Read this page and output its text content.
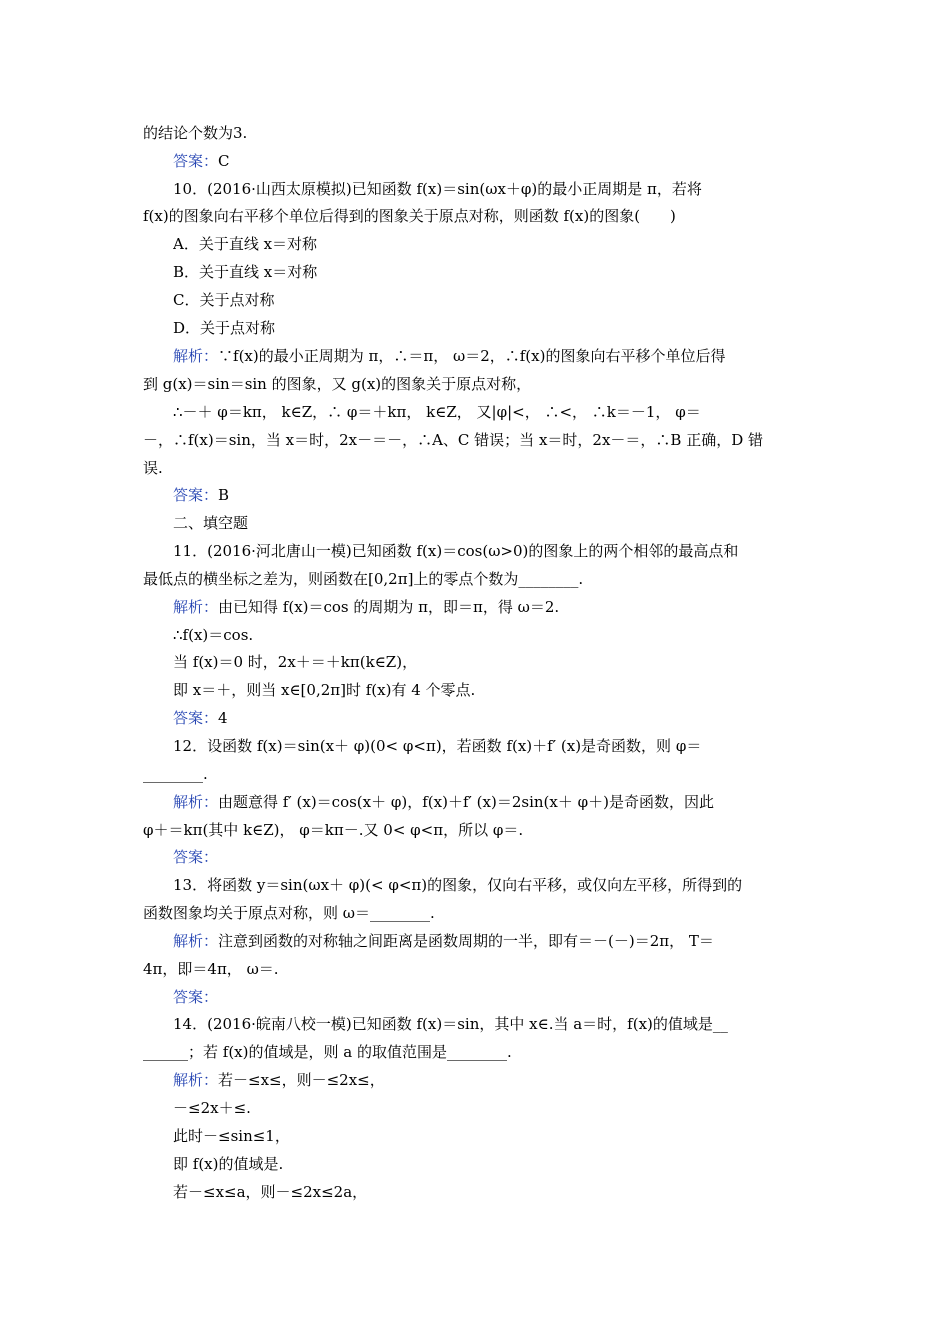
的结论个数为3.
答案：C
10．(2016·山西太原模拟)已知函数 f(x)＝sin(ωx＋φ)的最小正周期是 π，若将
f(x)的图象向右平移个单位后得到的图象关于原点对称，则函数 f(x)的图象(　　)
A．关于直线 x＝对称
B．关于直线 x＝对称
C．关于点对称
D．关于点对称
解析：∵f(x)的最小正周期为 π，∴＝π， ω＝2，∴f(x)的图象向右平移个单位后得
到 g(x)＝sin＝sin 的图象，又 g(x)的图象关于原点对称，
∴－＋ φ＝kπ， k∈Z，∴ φ＝＋kπ， k∈Z， 又|φ|<， ∴<， ∴k＝－1， φ＝
－，∴f(x)＝sin，当 x＝时，2x－＝－，∴A、C 错误；当 x＝时，2x－＝，∴B 正确，D 错
误.
答案：B
二、填空题
11．(2016·河北唐山一模)已知函数 f(x)＝cos(ω>0)的图象上的两个相邻的最高点和
最低点的横坐标之差为，则函数在[0,2π]上的零点个数为________.
解析：由已知得 f(x)＝cos 的周期为 π，即＝π，得 ω＝2.
∴f(x)＝cos.
当 f(x)＝0 时，2x＋＝＋kπ(k∈Z)，
即 x＝＋，则当 x∈[0,2π]时 f(x)有 4 个零点.
答案：4
12．设函数 f(x)＝sin(x＋ φ)(0< φ<π)，若函数 f(x)＋f′ (x)是奇函数，则 φ＝
________.
解析：由题意得 f′ (x)＝cos(x＋ φ)，f(x)＋f′ (x)＝2sin(x＋ φ＋)是奇函数，因此
φ＋＝kπ(其中 k∈Z)， φ＝kπ－.又 0< φ<π，所以 φ＝.
答案：
13．将函数 y＝sin(ωx＋ φ)(< φ<π)的图象，仅向右平移，或仅向左平移，所得到的
函数图象均关于原点对称，则 ω＝________.
解析：注意到函数的对称轴之间距离是函数周期的一半，即有＝－(－)＝2π， T＝
4π，即＝4π， ω＝.
答案：
14．(2016·皖南八校一模)已知函数 f(x)＝sin，其中 x∈.当 a＝时，f(x)的值域是__
______；若 f(x)的值域是，则 a 的取值范围是________.
解析：若－≤x≤，则－≤2x≤，
－≤2x＋≤.
此时－≤sin≤1，
即 f(x)的值域是.
若－≤x≤a，则－≤2x≤2a，
